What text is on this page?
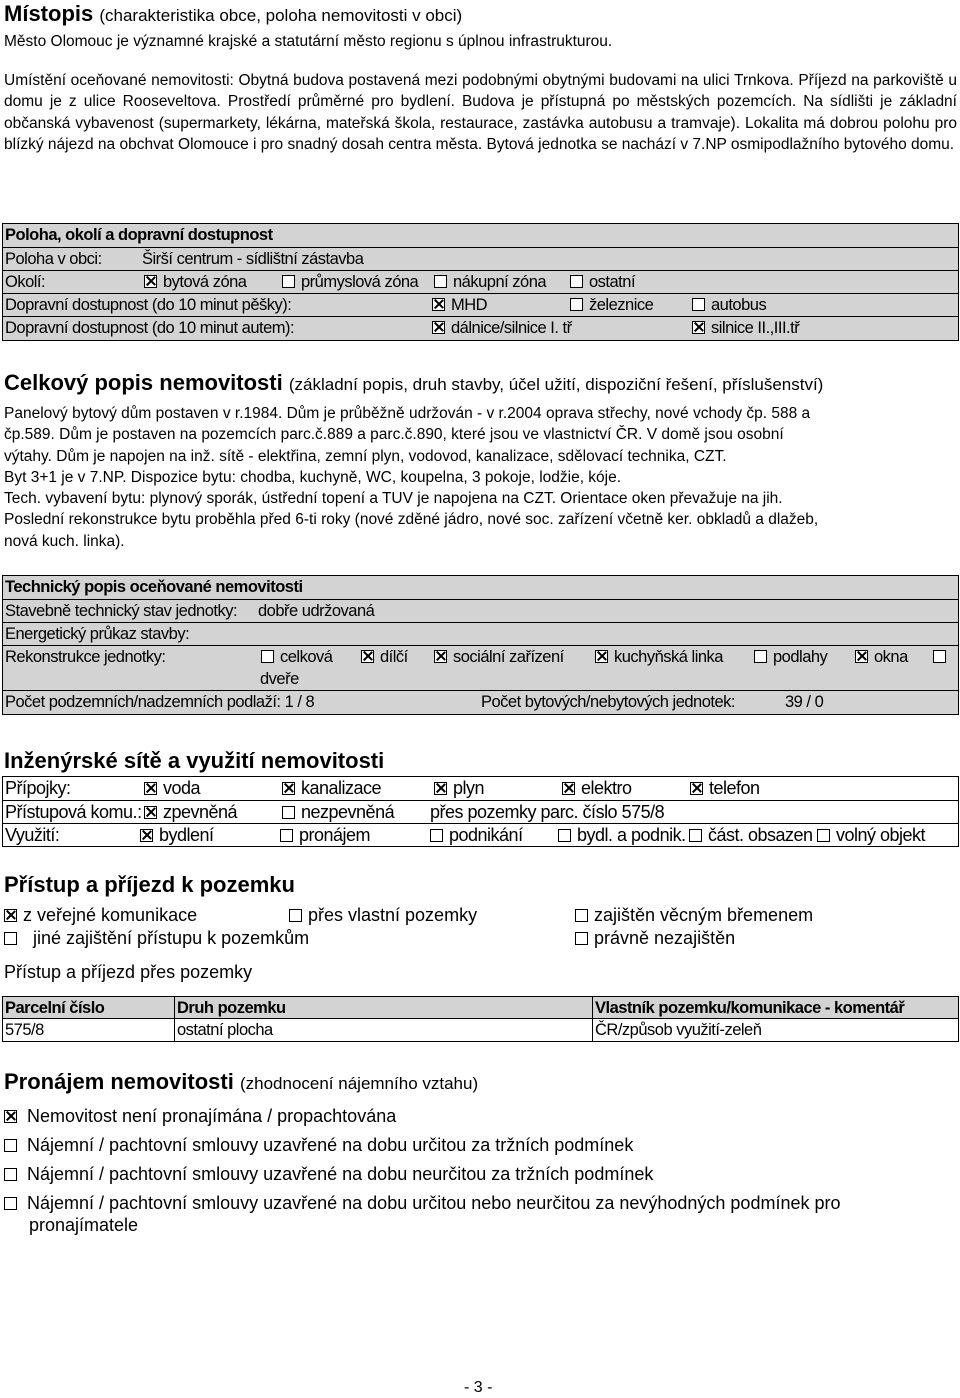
Místopis (charakteristika obce, poloha nemovitosti v obci)
Město Olomouc je významné krajské a statutární město regionu s úplnou infrastrukturou.
Umístění oceňované nemovitosti: Obytná budova postavená mezi podobnými obytnými budovami na ulici Trnkova. Příjezd na parkoviště u domu je z ulice Rooseveltova. Prostředí průměrné pro bydlení. Budova je přístupná po městských pozemcích. Na sídlišti je základní občanská vybavenost (supermarkety, lékárna, mateřská škola, restaurace, zastávka autobusu a tramvaje). Lokalita má dobrou polohu pro blízký nájezd na obchvat Olomouce i pro snadný dosah centra města. Bytová jednotka se nachází v 7.NP osmipodlažního bytového domu.
Poloha, okolí a dopravní dostupnost
Poloha v obci: Širší centrum - sídlištní zástavba
Okolí:	bytová zóna	průmyslová zóna	nákupní zóna	ostatní
Dopravní dostupnost (do 10 minut pěšky):	MHD	železnice	autobus
Dopravní dostupnost (do 10 minut autem):	dálnice/silnice I. tř	silnice II.,III.tř
Celkový popis nemovitosti (základní popis, druh stavby, účel užití, dispoziční řešení, příslušenství)
Panelový bytový dům postaven v r.1984. Dům je průběžně udržován - v r.2004 oprava střechy, nové vchody čp. 588 a
čp.589. Dům je postaven na pozemcích parc.č.889 a parc.č.890, které jsou ve vlastnictví ČR. V domě jsou osobní
výtahy. Dům je napojen na inž. sítě - elektřina, zemní plyn, vodovod, kanalizace, sdělovací technika, CZT.
Byt 3+1 je v 7.NP. Dispozice bytu: chodba, kuchyně, WC, koupelna, 3 pokoje, lodžie, kóje.
Tech. vybavení bytu: plynový sporák, ústřední topení a TUV je napojena na CZT. Orientace oken převažuje na jih.
Poslední rekonstrukce bytu proběhla před 6-ti roky (nové zděné jádro, nové soc. zařízení včetně ker. obkladů a dlažeb,
nová kuch. linka).
Technický popis oceňované nemovitosti
Stavebně technický stav jednotky: dobře udržovaná
Energetický průkaz stavby:
Rekonstrukce jednotky:	celková	dílčí	sociální zařízení	kuchyňská linka	podlahy	okna
dveře
Počet podzemních/nadzemních podlaží: 1 / 8	Počet bytových/nebytových jednotek:	39 / 0
Inženýrské sítě a využití nemovitosti
Přípojky:	voda	kanalizace	plyn	elektro	telefon
Přístupová komu.:	zpevněná	nezpevněná přes pozemky parc. číslo 575/8
Využití:	bydlení	pronájem	podnikání	bydl. a podnik.	část. obsazen	volný objekt
Přístup a příjezd k pozemku
z veřejné komunikace	přes vlastní pozemky	zajištěn věcným břemenem
jiné zajištění přístupu k pozemkům	právně nezajištěn
Přístup a příjezd přes pozemky
Parcelní číslo	Druh pozemku	Vlastník pozemku/komunikace - komentář
575/8	ostatní plocha	ČR/způsob využití-zeleň
Pronájem nemovitosti (zhodnocení nájemního vztahu)
Nemovitost není pronajímána / propachtována
Nájemní / pachtovní smlouvy uzavřené na dobu určitou za tržních podmínek
Nájemní / pachtovní smlouvy uzavřené na dobu neurčitou za tržních podmínek
Nájemní / pachtovní smlouvy uzavřené na dobu určitou nebo neurčitou za nevýhodných podmínek pro
pronajímatele
- 3 -
